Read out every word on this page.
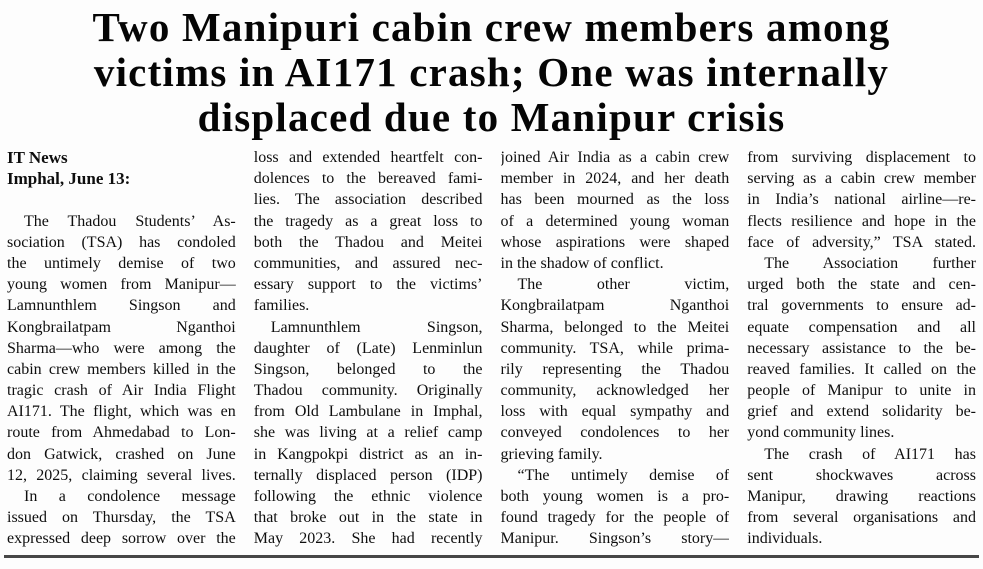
Two Manipuri cabin crew members among
victims in AI171 crash; One was internally
displaced due to Manipur crisis
IT News
Imphal, June 13:
The Thadou Students’ As-
sociation (TSA) has condoled
the untimely demise of two
young women from Manipur—
Lamnunthlem Singson and
Kongbrailatpam Nganthoi
Sharma—who were among the
cabin crew members killed in the
tragic crash of Air India Flight
AI171. The flight, which was en
route from Ahmedabad to Lon-
don Gatwick, crashed on June
12, 2025, claiming several lives.
In a condolence message
issued on Thursday, the TSA
expressed deep sorrow over the
loss and extended heartfelt con-
dolences to the bereaved fami-
lies. The association described
the tragedy as a great loss to
both the Thadou and Meitei
communities, and assured nec-
essary support to the victims’
families.
Lamnunthlem Singson,
daughter of (Late) Lenminlun
Singson, belonged to the
Thadou community. Originally
from Old Lambulane in Imphal,
she was living at a relief camp
in Kangpokpi district as an in-
ternally displaced person (IDP)
following the ethnic violence
that broke out in the state in
May 2023. She had recently
joined Air India as a cabin crew
member in 2024, and her death
has been mourned as the loss
of a determined young woman
whose aspirations were shaped
in the shadow of conflict.
The other victim,
Kongbrailatpam Nganthoi
Sharma, belonged to the Meitei
community. TSA, while prima-
rily representing the Thadou
community, acknowledged her
loss with equal sympathy and
conveyed condolences to her
grieving family.
“The untimely demise of
both young women is a pro-
found tragedy for the people of
Manipur. Singson’s story—
from surviving displacement to
serving as a cabin crew member
in India’s national airline—re-
flects resilience and hope in the
face of adversity,” TSA stated.
The Association further
urged both the state and cen-
tral governments to ensure ad-
equate compensation and all
necessary assistance to the be-
reaved families. It called on the
people of Manipur to unite in
grief and extend solidarity be-
yond community lines.
The crash of AI171 has
sent shockwaves across
Manipur, drawing reactions
from several organisations and
individuals.
